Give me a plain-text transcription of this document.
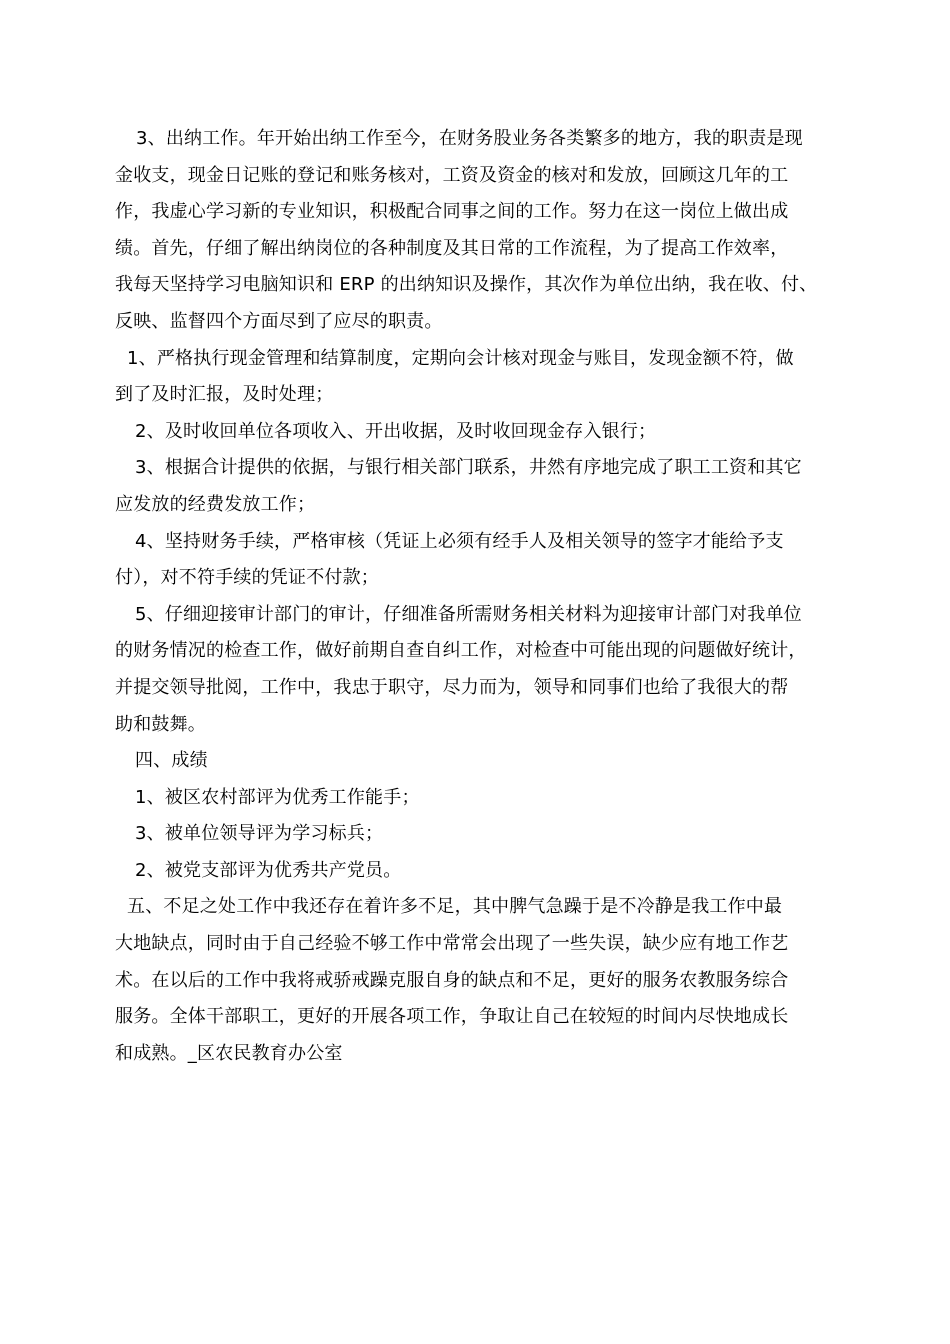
3、出纳工作。年开始出纳工作至今，在财务股业务各类繁多的地方，我的职责是现
金收支，现金日记账的登记和账务核对，工资及资金的核对和发放，回顾这几年的工
作，我虚心学习新的专业知识，积极配合同事之间的工作。努力在这一岗位上做出成
绩。首先，仔细了解出纳岗位的各种制度及其日常的工作流程，为了提高工作效率，
我每天坚持学习电脑知识和 ERP 的出纳知识及操作，其次作为单位出纳，我在收、付、
反映、监督四个方面尽到了应尽的职责。

1、严格执行现金管理和结算制度，定期向会计核对现金与账目，发现金额不符，做
到了及时汇报，及时处理；

2、及时收回单位各项收入、开出收据，及时收回现金存入银行；

3、根据合计提供的依据，与银行相关部门联系，井然有序地完成了职工工资和其它
应发放的经费发放工作；

4、坚持财务手续，严格审核（凭证上必须有经手人及相关领导的签字才能给予支
付），对不符手续的凭证不付款；

5、仔细迎接审计部门的审计，仔细准备所需财务相关材料为迎接审计部门对我单位
的财务情况的检查工作，做好前期自查自纠工作，对检查中可能出现的问题做好统计，
并提交领导批阅，工作中，我忠于职守，尽力而为，领导和同事们也给了我很大的帮
助和鼓舞。

四、成绩

1、被区农村部评为优秀工作能手；

3、被单位领导评为学习标兵；

2、被党支部评为优秀共产党员。

五、不足之处工作中我还存在着许多不足，其中脾气急躁于是不冷静是我工作中最
大地缺点，同时由于自己经验不够工作中常常会出现了一些失误，缺少应有地工作艺
术。在以后的工作中我将戒骄戒躁克服自身的缺点和不足，更好的服务农教服务综合
服务。全体干部职工，更好的开展各项工作，争取让自己在较短的时间内尽快地成长
和成熟。_区农民教育办公室
